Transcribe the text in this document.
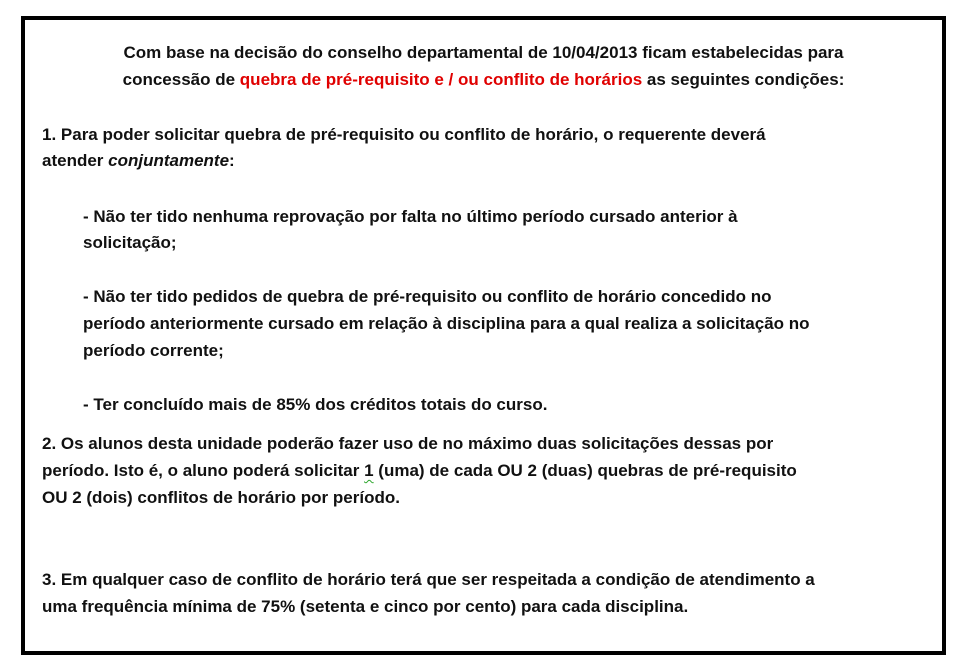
Com base na decisão do conselho departamental de 10/04/2013 ficam estabelecidas para

concessão de quebra de pré-requisito e / ou conflito de horários as seguintes condições:

1. Para poder solicitar quebra de pré-requisito ou conflito de horário, o requerente deverá

atender conjuntamente:

- Não ter tido nenhuma reprovação por falta no último período cursado anterior à

solicitação;

- Não ter tido pedidos de quebra de pré-requisito ou conflito de horário concedido no

período anteriormente cursado em relação à disciplina para a qual realiza a solicitação no

período corrente;

- Ter concluído mais de 85% dos créditos totais do curso.

2. Os alunos desta unidade poderão fazer uso de no máximo duas solicitações dessas por

período. Isto é, o aluno poderá solicitar 1 (uma) de cada OU 2 (duas) quebras de pré-requisito

OU 2 (dois) conflitos de horário por período.

3. Em qualquer caso de conflito de horário terá que ser respeitada a condição de atendimento a

uma frequência mínima de 75% (setenta e cinco por cento) para cada disciplina.
